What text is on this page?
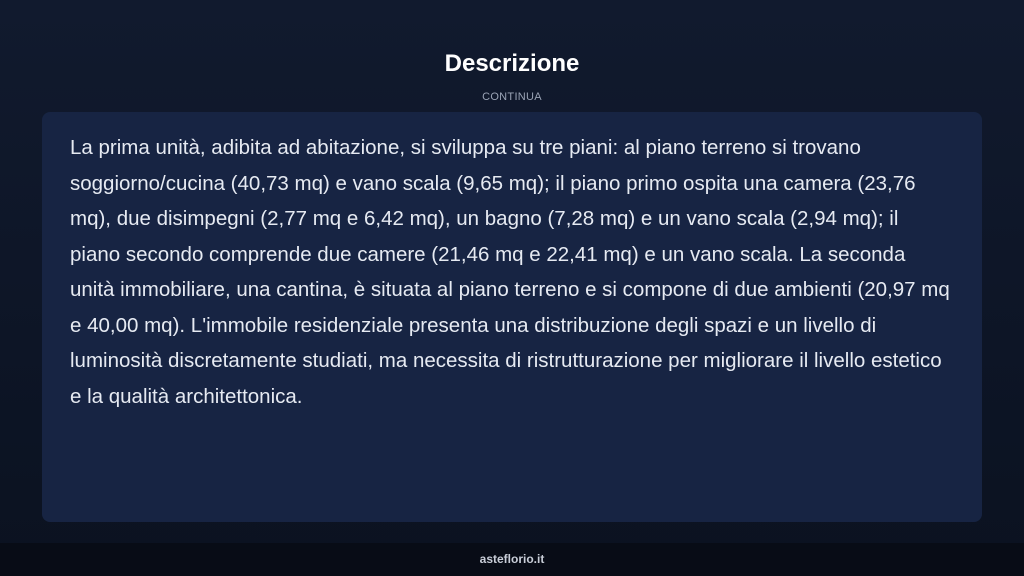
Descrizione
CONTINUA

La prima unità, adibita ad abitazione, si sviluppa su tre piani: al piano terreno si trovano soggiorno/cucina (40,73 mq) e vano scala (9,65 mq); il piano primo ospita una camera (23,76 mq), due disimpegni (2,77 mq e 6,42 mq), un bagno (7,28 mq) e un vano scala (2,94 mq); il piano secondo comprende due camere (21,46 mq e 22,41 mq) e un vano scala. La seconda unità immobiliare, una cantina, è situata al piano terreno e si compone di due ambienti (20,97 mq e 40,00 mq). L'immobile residenziale presenta una distribuzione degli spazi e un livello di luminosità discretamente studiati, ma necessita di ristrutturazione per migliorare il livello estetico e la qualità architettonica.

asteflorio.it
